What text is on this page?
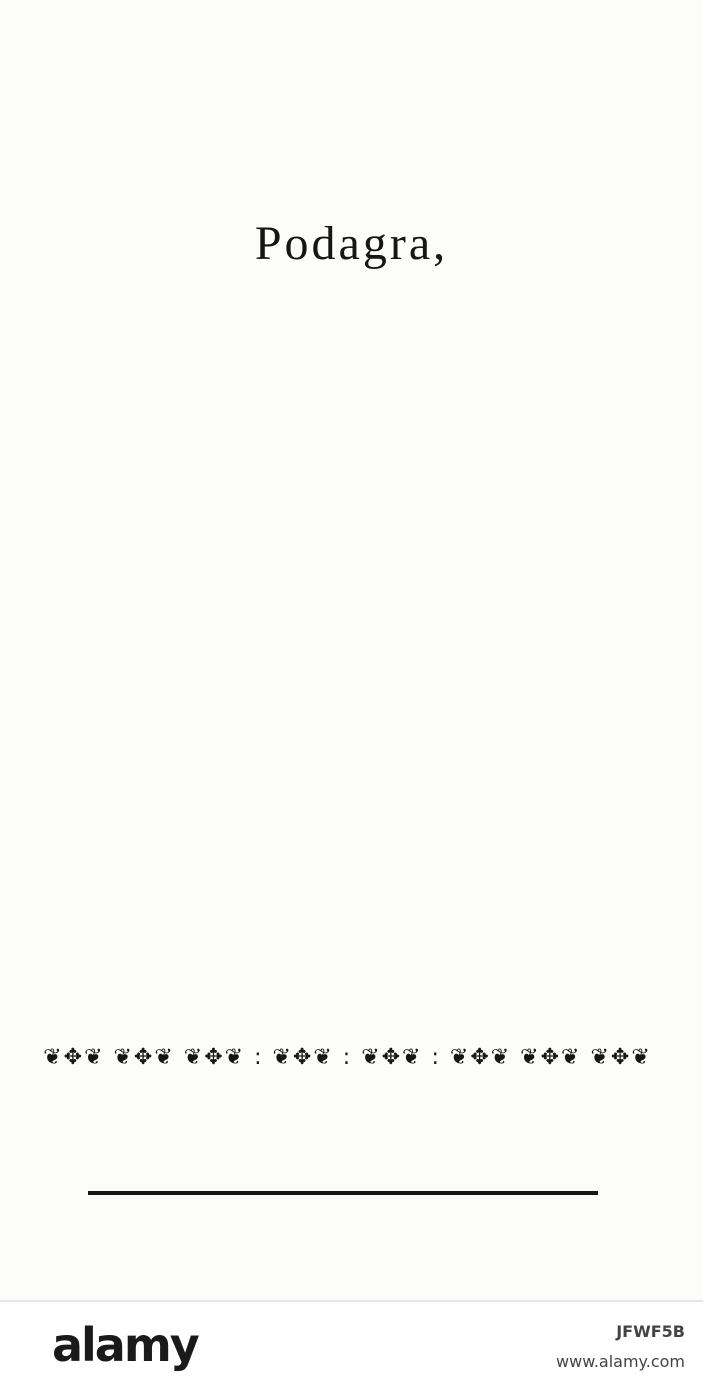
Podagra,
❦✥❦ ❦✥❦ ❦✥❦ : ❦✥❦ : ❦✥❦ : ❦✥❦ ❦✥❦ ❦✥❦
alamy	JFWF5B
www.alamy.com
